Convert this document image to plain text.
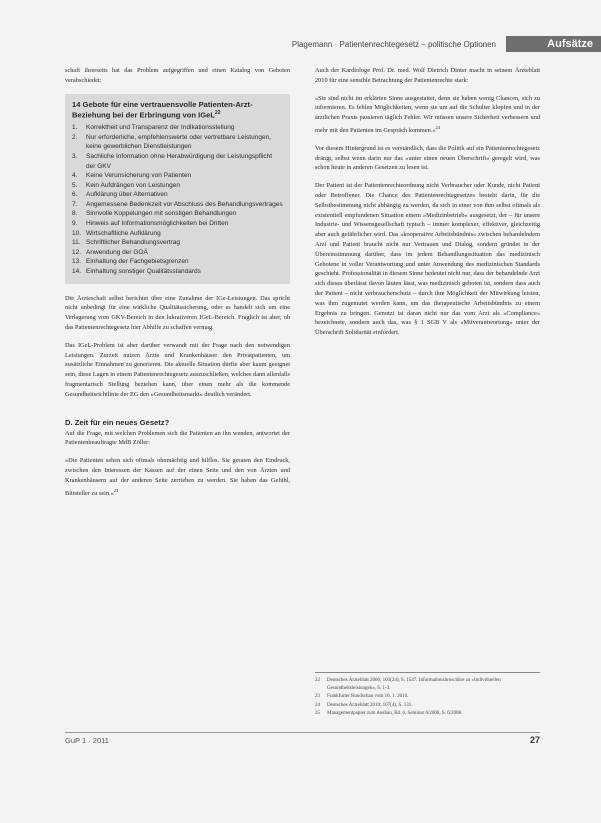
Plagemann · Patientenrechtegesetz – politische Optionen	Aufsätze

schaft ihrerseits hat das Problem aufgegriffen und einen Katalog von Geboten verabschiedet:

14 Gebote für eine vertrauensvolle Patienten-Arzt-Beziehung bei der Erbringung von IGeL$^{22}$
1.	Korrektheit und Transparenz der Indikationsstellung
2.	Nur erforderliche, empfehlenswerte oder vertretbare Leistungen, keine gewerblichen Dienstleistungen
3.	Sachliche Information ohne Herabwürdigung der Leistungspflicht der GKV
4.	Keine Verunsicherung von Patienten
5.	Kein Aufdrängen von Leistungen
6.	Aufklärung über Alternativen
7.	Angemessene Bedenkzeit vor Abschluss des Behandlungsvertrages
8.	Sinnvolle Koppelungen mit sonstigen Behandlungen
9.	Hinweis auf Informationsmöglichkeiten bei Dritten
10. Wirtschaftliche Aufklärung
11. Schriftlicher Behandlungsvertrag
12. Anwendung der GOÄ
13. Einhaltung der Fachgebietsgrenzen
14. Einhaltung sonstiger Qualitätsstandards

Die Ärzteschaft selbst berichtet über eine Zunahme der IGe-Leistungen. Das spricht nicht unbedingt für eine wirkliche Qualitätssicherung, oder es handelt sich um eine Verlagerung vom GKV-Bereich in den lukrativeren IGeL-Bereich. Fraglich ist aber, ob das Patientenrechtegesetz hier Abhilfe zu schaffen vermag.

Das IGeL-Problem ist aber darüber verwandt mit der Frage nach den notwendigen Leistungen. Zurzeit nutzen Ärzte und Krankenhäuser den Privatpatienten, um zusätzliche Einnahmen zu generieren. Die aktuelle Situation dürfte aber kaum geeignet sein, diese Lagen in einem Patientenrechtegesetz auszuschließen, welches dann allenfalls fragmentarisch Stellung beziehen kann, über einen mehr als die kommende Gesundheitsrichtlinie der EG den »Gesundheitsmarkt« deutlich verändert.

D. Zeit für ein neues Gesetz?

Auf die Frage, mit welchen Problemen sich die Patienten an ihn wenden, antwortet der Patientenbeauftragte MdB Zöller:

»Die Patienten sehen sich oftmals ohnmächtig und hilflos. Sie geraten den Eindruck, zwischen den Interessen der Kassen auf der einen Seite und den von Ärzten und Krankenhäusern auf der anderen Seite zerrieben zu werden. Sie haben das Gefühl, Bittsteller zu sein.«$^{23}$

Auch der Kardiologe Prof. Dr. med. Wolf Dietrich Dinter macht in seinem Ärzteblatt 2010 für eine sensible Betrachtung der Patientenrechte stark:

»Sie sind nicht im erklärten Sinne ausgestattet, denn sie haben wenig Chancen, sich zu informieren. Es fehlen Möglichkeiten, wenn sie um auf die Schulter klopfen und in der ärztlichen Praxis passieren täglich Fehler. Wir müssen unsere Sicherheit verbessern und mehr mit den Patienten im Gespräch kommen.«$^{24}$

Vor diesem Hintergrund ist es verständlich, dass die Politik auf ein Patientenrechtegesetz drängt, selbst wenn darin nur das »unter einen neuen Überschrift« geregelt wird, was schon heute in anderen Gesetzen zu lesen ist.

Der Patient ist der Patientenrechteordnung nicht Verbraucher oder Kunde, nicht Patient oder Betroffener. Die Chance des Patientenrechtegesetzes besteht darin, für die Selbstbestimmung nicht abhängig zu werden, da sich in einer von ihm selbst oftmals als existentiell empfundenen Situation einem »Medizinbetrieb« ausgesetzt, der – für unsere Industrie- und Wissensgesellschaft typisch – immer komplexer, effektiver, gleichzeitig aber auch gefährlicher wird. Das »kooperative Arbeitsbündnis« zwischen behandelndem Arzt und Patient braucht nicht nur Vertrauen und Dialog, sondern gründet in der Übereinstimmung darüber, dass im jedem Behandlungssituation das medizinisch Gebotene in voller Verantwortung und unter Anwendung des medizinischen Standards geschieht. Professionalität in diesem Sinne bedeutet nicht nur, dass der behandelnde Arzt sich dieses überlässt davon läuten lässt, was medizinisch geboten ist, sondern dass auch der Patient – nicht verbraucherschutz – durch ihre Möglichkeit der Mitwirkung leisten, was ihm zugemutet werden kann, um das therapeutische Arbeitsbündnis zu einem Ergebnis zu bringen. Genutzt ist daran nicht nur das vom Arzt als »Compliance« bezeichnete, sondern auch das, was § 1 SGB V als »Mitverantwortung« unter der Überschrift Solidarität einfordert.

22	Deutsches Ärzteblatt 2006; 103(24), S. 1547. Informationsbroschüre zu »Individuellen Gesundheitsleistungen«, S. 1-3.
23	Frankfurter Rundschau vom 16. 1. 2010.
24	Deutsches Ärzteblatt 2010; 107(4), S. 131.
25	Managementpapier zum Ausbau, Bd. 6, Seminar 6/2008, S. 6/2008.
GuP 1 · 2011	27
